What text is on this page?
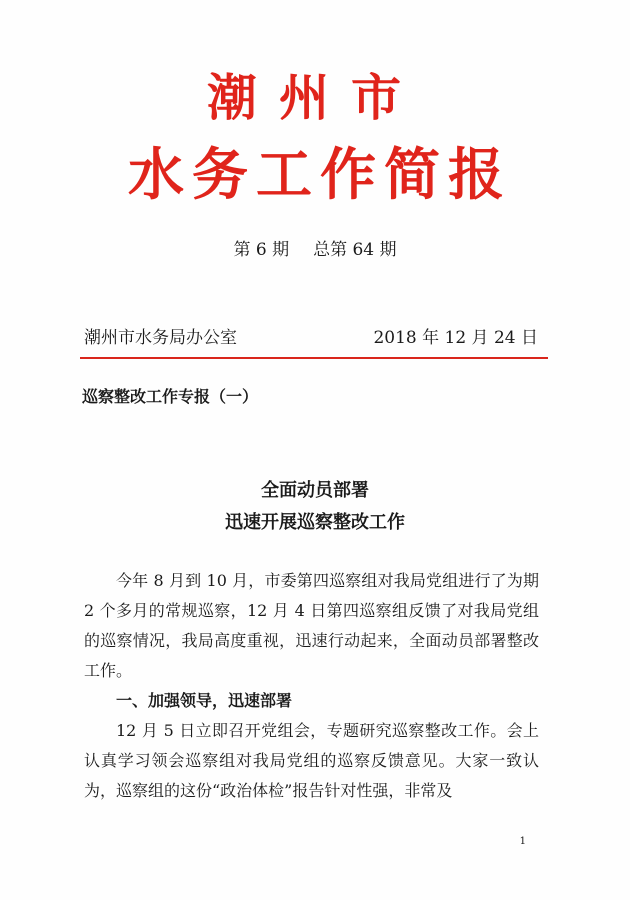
潮州市
水务工作简报
第 6 期 总第 64 期
潮州市水务局办公室	2018 年 12 月 24 日
巡察整改工作专报（一）
全面动员部署
迅速开展巡察整改工作

今年 8 月到 10 月，市委第四巡察组对我局党组进行了为期 2 个多月的常规巡察，12 月 4 日第四巡察组反馈了对我局党组的巡察情况，我局高度重视，迅速行动起来，全面动员部署整改工作。

一、加强领导，迅速部署

12 月 5 日立即召开党组会，专题研究巡察整改工作。会上认真学习领会巡察组对我局党组的巡察反馈意见。大家一致认为，巡察组的这份“政治体检”报告针对性强，非常及

1
